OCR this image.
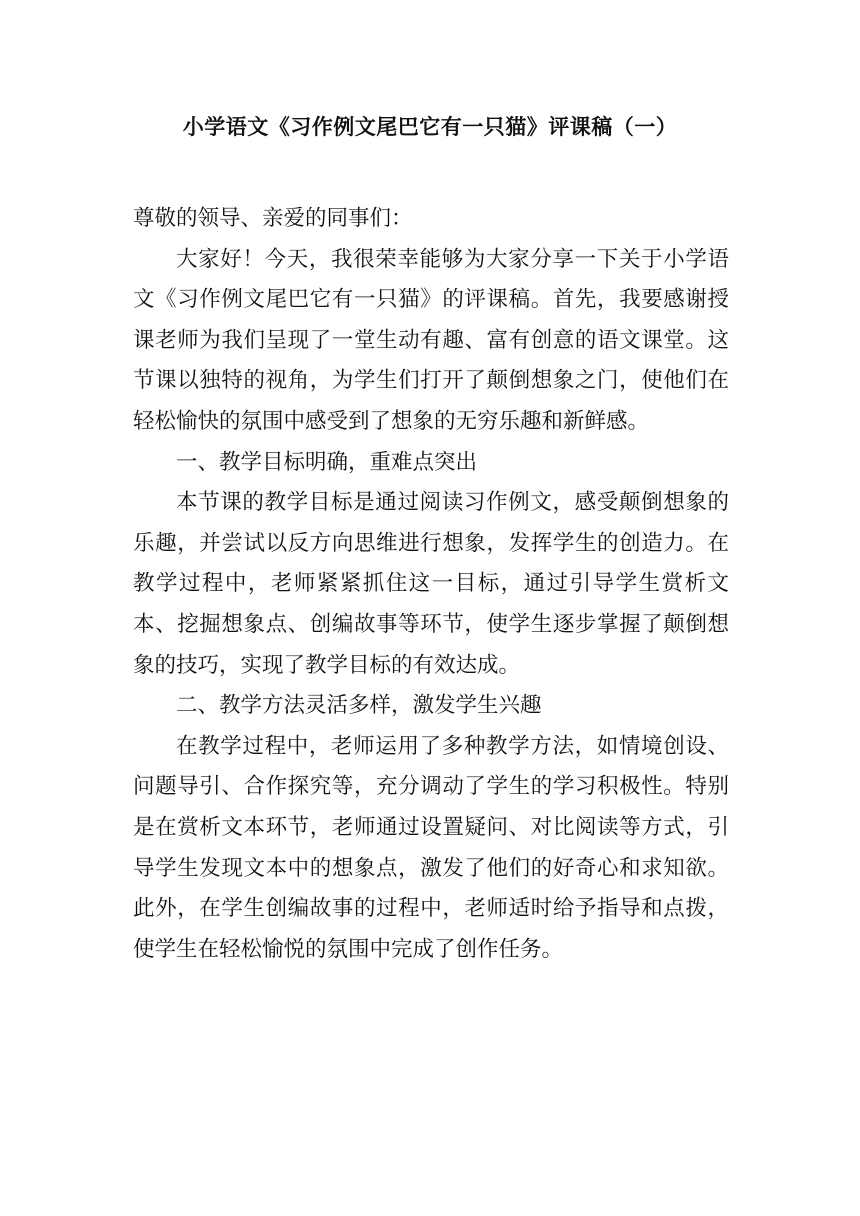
小学语文《习作例文尾巴它有一只猫》评课稿（一）

尊敬的领导、亲爱的同事们：

大家好！今天，我很荣幸能够为大家分享一下关于小学语文《习作例文尾巴它有一只猫》的评课稿。首先，我要感谢授课老师为我们呈现了一堂生动有趣、富有创意的语文课堂。这节课以独特的视角，为学生们打开了颠倒想象之门，使他们在轻松愉快的氛围中感受到了想象的无穷乐趣和新鲜感。

一、教学目标明确，重难点突出

本节课的教学目标是通过阅读习作例文，感受颠倒想象的乐趣，并尝试以反方向思维进行想象，发挥学生的创造力。在教学过程中，老师紧紧抓住这一目标，通过引导学生赏析文本、挖掘想象点、创编故事等环节，使学生逐步掌握了颠倒想象的技巧，实现了教学目标的有效达成。

二、教学方法灵活多样，激发学生兴趣

在教学过程中，老师运用了多种教学方法，如情境创设、问题导引、合作探究等，充分调动了学生的学习积极性。特别是在赏析文本环节，老师通过设置疑问、对比阅读等方式，引导学生发现文本中的想象点，激发了他们的好奇心和求知欲。此外，在学生创编故事的过程中，老师适时给予指导和点拨，使学生在轻松愉悦的氛围中完成了创作任务。
